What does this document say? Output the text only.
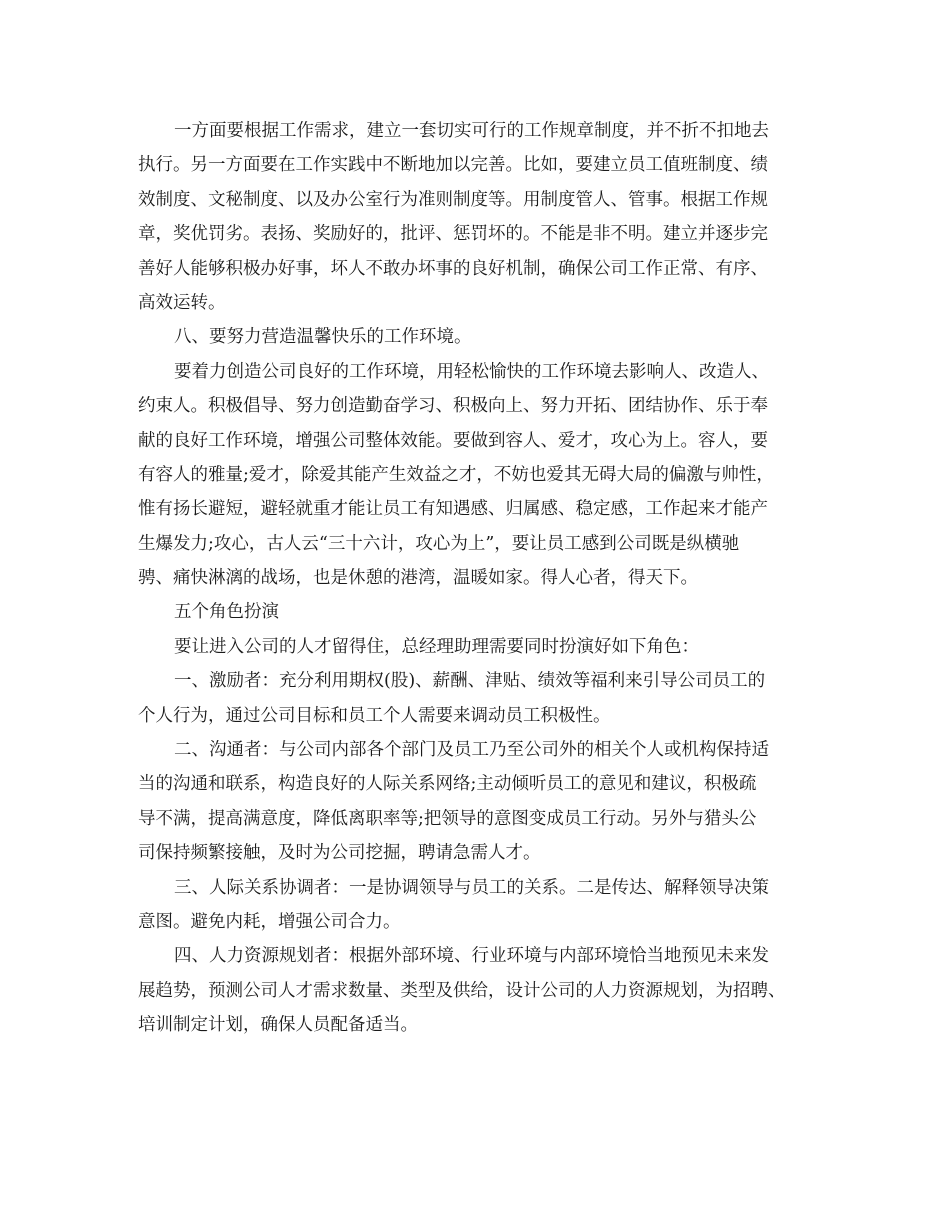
一方面要根据工作需求，建立一套切实可行的工作规章制度，并不折不扣地去
执行。另一方面要在工作实践中不断地加以完善。比如，要建立员工值班制度、绩
效制度、文秘制度、以及办公室行为准则制度等。用制度管人、管事。根据工作规
章，奖优罚劣。表扬、奖励好的，批评、惩罚坏的。不能是非不明。建立并逐步完
善好人能够积极办好事，坏人不敢办坏事的良好机制，确保公司工作正常、有序、
高效运转。
八、要努力营造温馨快乐的工作环境。
要着力创造公司良好的工作环境，用轻松愉快的工作环境去影响人、改造人、
约束人。积极倡导、努力创造勤奋学习、积极向上、努力开拓、团结协作、乐于奉
献的良好工作环境，增强公司整体效能。要做到容人、爱才，攻心为上。容人，要
有容人的雅量;爱才，除爱其能产生效益之才，不妨也爱其无碍大局的偏激与帅性，
惟有扬长避短，避轻就重才能让员工有知遇感、归属感、稳定感，工作起来才能产
生爆发力;攻心，古人云“三十六计，攻心为上”，要让员工感到公司既是纵横驰
骋、痛快淋漓的战场，也是休憩的港湾，温暖如家。得人心者，得天下。
五个角色扮演
要让进入公司的人才留得住，总经理助理需要同时扮演好如下角色：
一、激励者：充分利用期权(股)、薪酬、津贴、绩效等福利来引导公司员工的
个人行为，通过公司目标和员工个人需要来调动员工积极性。
二、沟通者：与公司内部各个部门及员工乃至公司外的相关个人或机构保持适
当的沟通和联系，构造良好的人际关系网络;主动倾听员工的意见和建议，积极疏
导不满，提高满意度，降低离职率等;把领导的意图变成员工行动。另外与猎头公
司保持频繁接触，及时为公司挖掘，聘请急需人才。
三、人际关系协调者：一是协调领导与员工的关系。二是传达、解释领导决策
意图。避免内耗，增强公司合力。
四、人力资源规划者：根据外部环境、行业环境与内部环境恰当地预见未来发
展趋势，预测公司人才需求数量、类型及供给，设计公司的人力资源规划，为招聘、
培训制定计划，确保人员配备适当。
